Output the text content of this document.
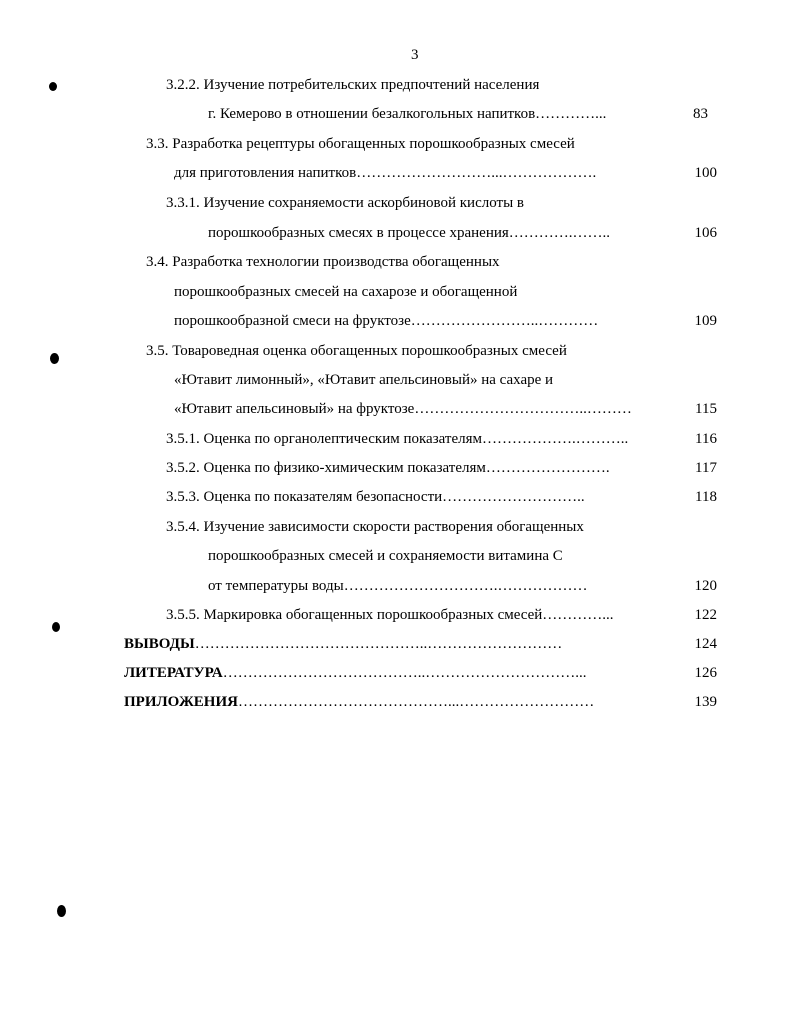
3
3.2.2. Изучение потребительских предпочтений населения
г. Кемерово в отношении безалкогольных напитков …………...	83
3.3. Разработка рецептуры обогащенных порошкообразных смесей
для приготовления напитков ………………………...……………….	100
3.3.1. Изучение сохраняемости аскорбиновой кислоты в
порошкообразных смесях в процессе хранения ………….……..	106
3.4. Разработка технологии производства обогащенных
порошкообразных смесей на сахарозе и обогащенной
порошкообразной смеси на фруктозе ……………………..…………	109
3.5. Товароведная оценка обогащенных порошкообразных смесей
«Ютавит лимонный», «Ютавит апельсиновый» на сахаре и
«Ютавит апельсиновый» на фруктозе ……………………………..………	115
3.5.1. Оценка по органолептическим показателям ……………….………..	116
3.5.2. Оценка по физико-химическим показателям …………………….	117
3.5.3. Оценка по показателям безопасности ………………………..	118
3.5.4. Изучение зависимости скорости растворения обогащенных
порошкообразных смесей и сохраняемости витамина С
от температуры воды ………………………….………………	120
3.5.5. Маркировка обогащенных порошкообразных смесей …………...	122
ВЫВОДЫ ………………………………………..………………………	124
ЛИТЕРАТУРА …………………………………..…………………………...	126
ПРИЛОЖЕНИЯ ……………………………………...………………………	139
